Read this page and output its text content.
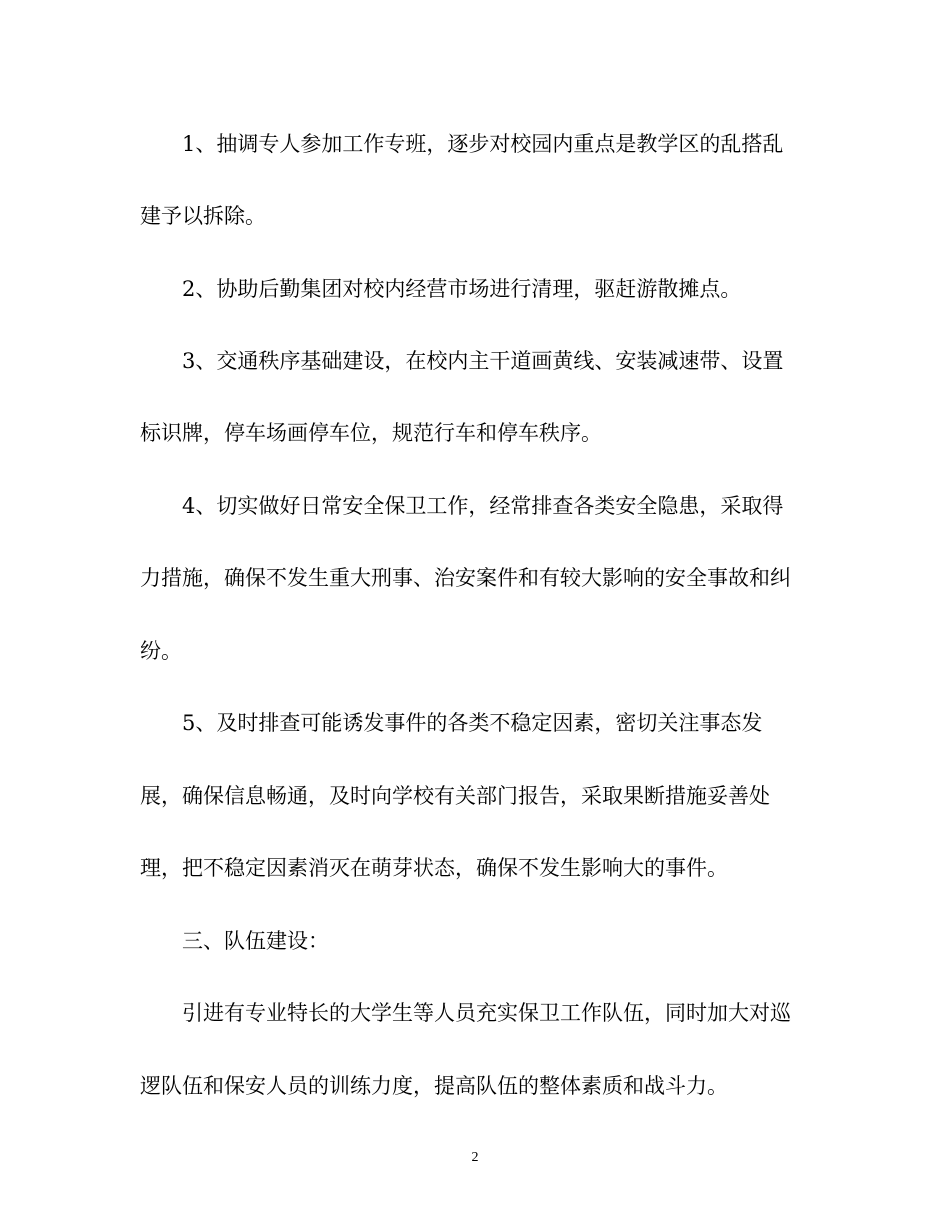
1、抽调专人参加工作专班，逐步对校园内重点是教学区的乱搭乱
建予以拆除。
2、协助后勤集团对校内经营市场进行清理，驱赶游散摊点。
3、交通秩序基础建设，在校内主干道画黄线、安装减速带、设置
标识牌，停车场画停车位，规范行车和停车秩序。
4、切实做好日常安全保卫工作，经常排查各类安全隐患，采取得
力措施，确保不发生重大刑事、治安案件和有较大影响的安全事故和纠
纷。
5、及时排查可能诱发事件的各类不稳定因素，密切关注事态发
展，确保信息畅通，及时向学校有关部门报告，采取果断措施妥善处
理，把不稳定因素消灭在萌芽状态，确保不发生影响大的事件。
三、队伍建设：
引进有专业特长的大学生等人员充实保卫工作队伍，同时加大对巡
逻队伍和保安人员的训练力度，提高队伍的整体素质和战斗力。
2
